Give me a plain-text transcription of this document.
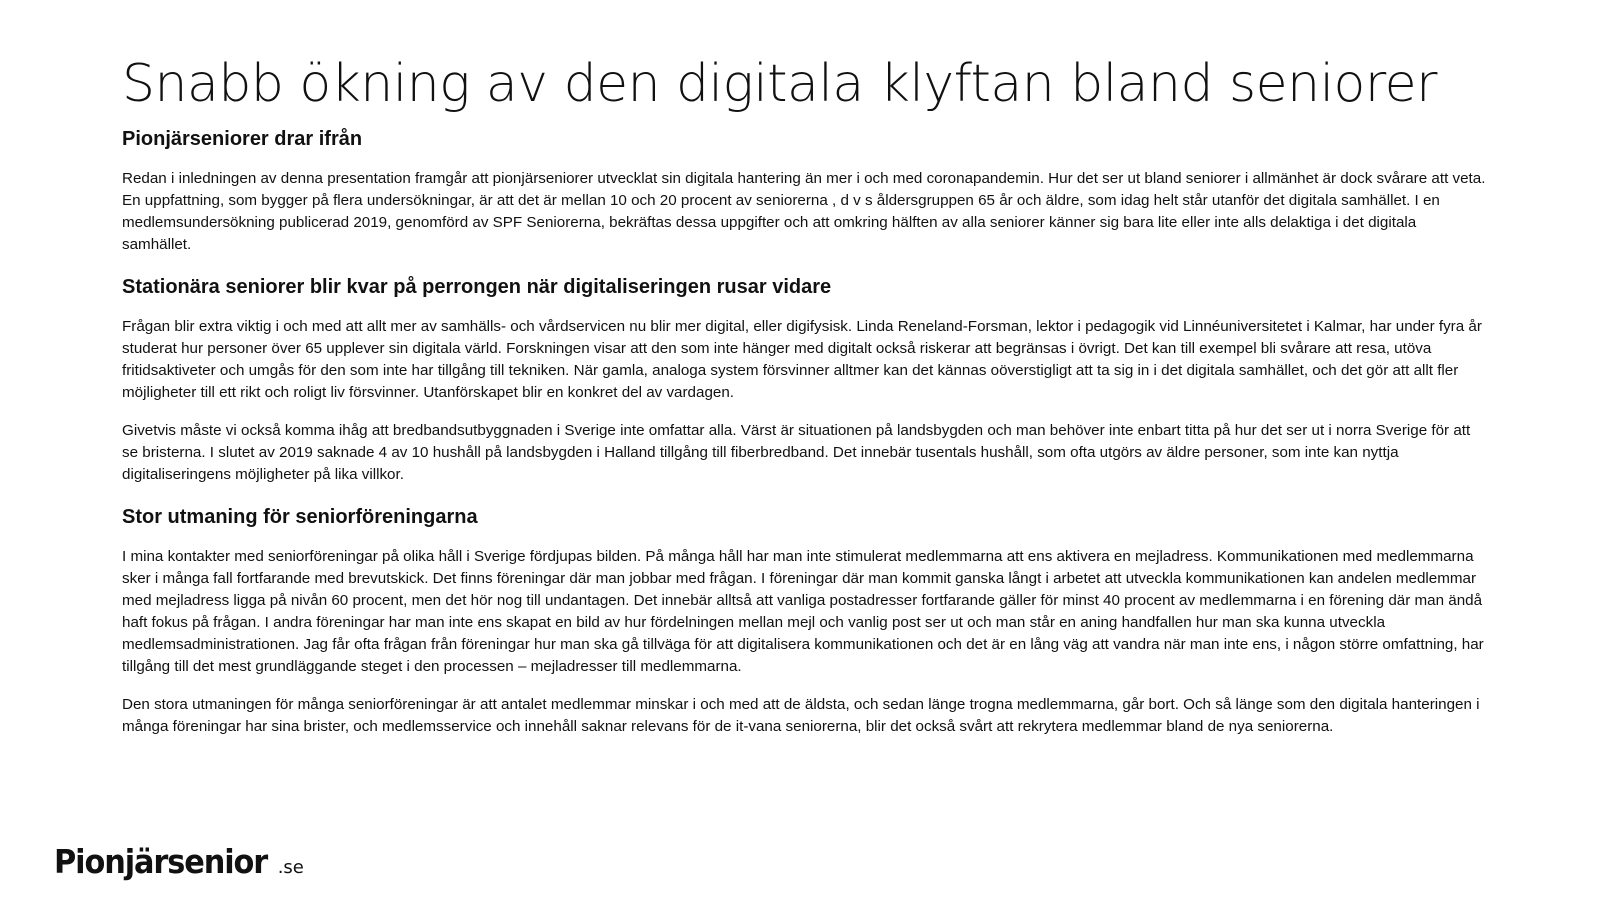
Snabb ökning av den digitala klyftan bland seniorer
Pionjärseniorer drar ifrån

Redan i inledningen av denna presentation framgår att pionjärseniorer utvecklat sin digitala hantering än mer i och med coronapandemin. Hur det ser ut bland seniorer i allmänhet är dock svårare att veta. En uppfattning, som bygger på flera undersökningar, är att det är mellan 10 och 20 procent av seniorerna , d v s åldersgruppen 65 år och äldre, som idag helt står utanför det digitala samhället. I en medlemsundersökning publicerad 2019, genomförd av SPF Seniorerna, bekräftas dessa uppgifter och att omkring hälften av alla seniorer känner sig bara lite eller inte alls delaktiga i det digitala samhället.

Stationära seniorer blir kvar på perrongen när digitaliseringen rusar vidare

Frågan blir extra viktig i och med att allt mer av samhälls- och vårdservicen nu blir mer digital, eller digifysisk. Linda Reneland-Forsman, lektor i pedagogik vid Linnéuniversitetet i Kalmar, har under fyra år studerat hur personer över 65 upplever sin digitala värld. Forskningen visar att den som inte hänger med digitalt också riskerar att begränsas i övrigt. Det kan till exempel bli svårare att resa, utöva fritidsaktiveter och umgås för den som inte har tillgång till tekniken. När gamla, analoga system försvinner alltmer kan det kännas oöverstigligt att ta sig in i det digitala samhället, och det gör att allt fler möjligheter till ett rikt och roligt liv försvinner. Utanförskapet blir en konkret del av vardagen.

Givetvis måste vi också komma ihåg att bredbandsutbyggnaden i Sverige inte omfattar alla. Värst är situationen på landsbygden och man behöver inte enbart titta på hur det ser ut i norra Sverige för att se bristerna. I slutet av 2019 saknade 4 av 10 hushåll på landsbygden i Halland tillgång till fiberbredband. Det innebär tusentals hushåll, som ofta utgörs av äldre personer, som inte kan nyttja digitaliseringens möjligheter på lika villkor.

Stor utmaning för seniorföreningarna

I mina kontakter med seniorföreningar på olika håll i Sverige fördjupas bilden. På många håll har man inte stimulerat medlemmarna att ens aktivera en mejladress. Kommunikationen med medlemmarna sker i många fall fortfarande med brevutskick. Det finns föreningar där man jobbar med frågan. I föreningar där man kommit ganska långt i arbetet att utveckla kommunikationen kan andelen medlemmar med mejladress ligga på nivån 60 procent, men det hör nog till undantagen. Det innebär alltså att vanliga postadresser fortfarande gäller för minst 40 procent av medlemmarna i en förening där man ändå haft fokus på frågan. I andra föreningar har man inte ens skapat en bild av hur fördelningen mellan mejl och vanlig post ser ut och man står en aning handfallen hur man ska kunna utveckla medlemsadministrationen. Jag får ofta frågan från föreningar hur man ska gå tillväga för att digitalisera kommunikationen och det är en lång väg att vandra när man inte ens, i någon större omfattning, har tillgång till det mest grundläggande steget i den processen – mejladresser till medlemmarna.

Den stora utmaningen för många seniorföreningar är att antalet medlemmar minskar i och med att de äldsta, och sedan länge trogna medlemmarna, går bort. Och så länge som den digitala hanteringen i många föreningar har sina brister, och medlemsservice och innehåll saknar relevans för de it-vana seniorerna, blir det också svårt att rekrytera medlemmar bland de nya seniorerna.

Pionjärsenior .se
